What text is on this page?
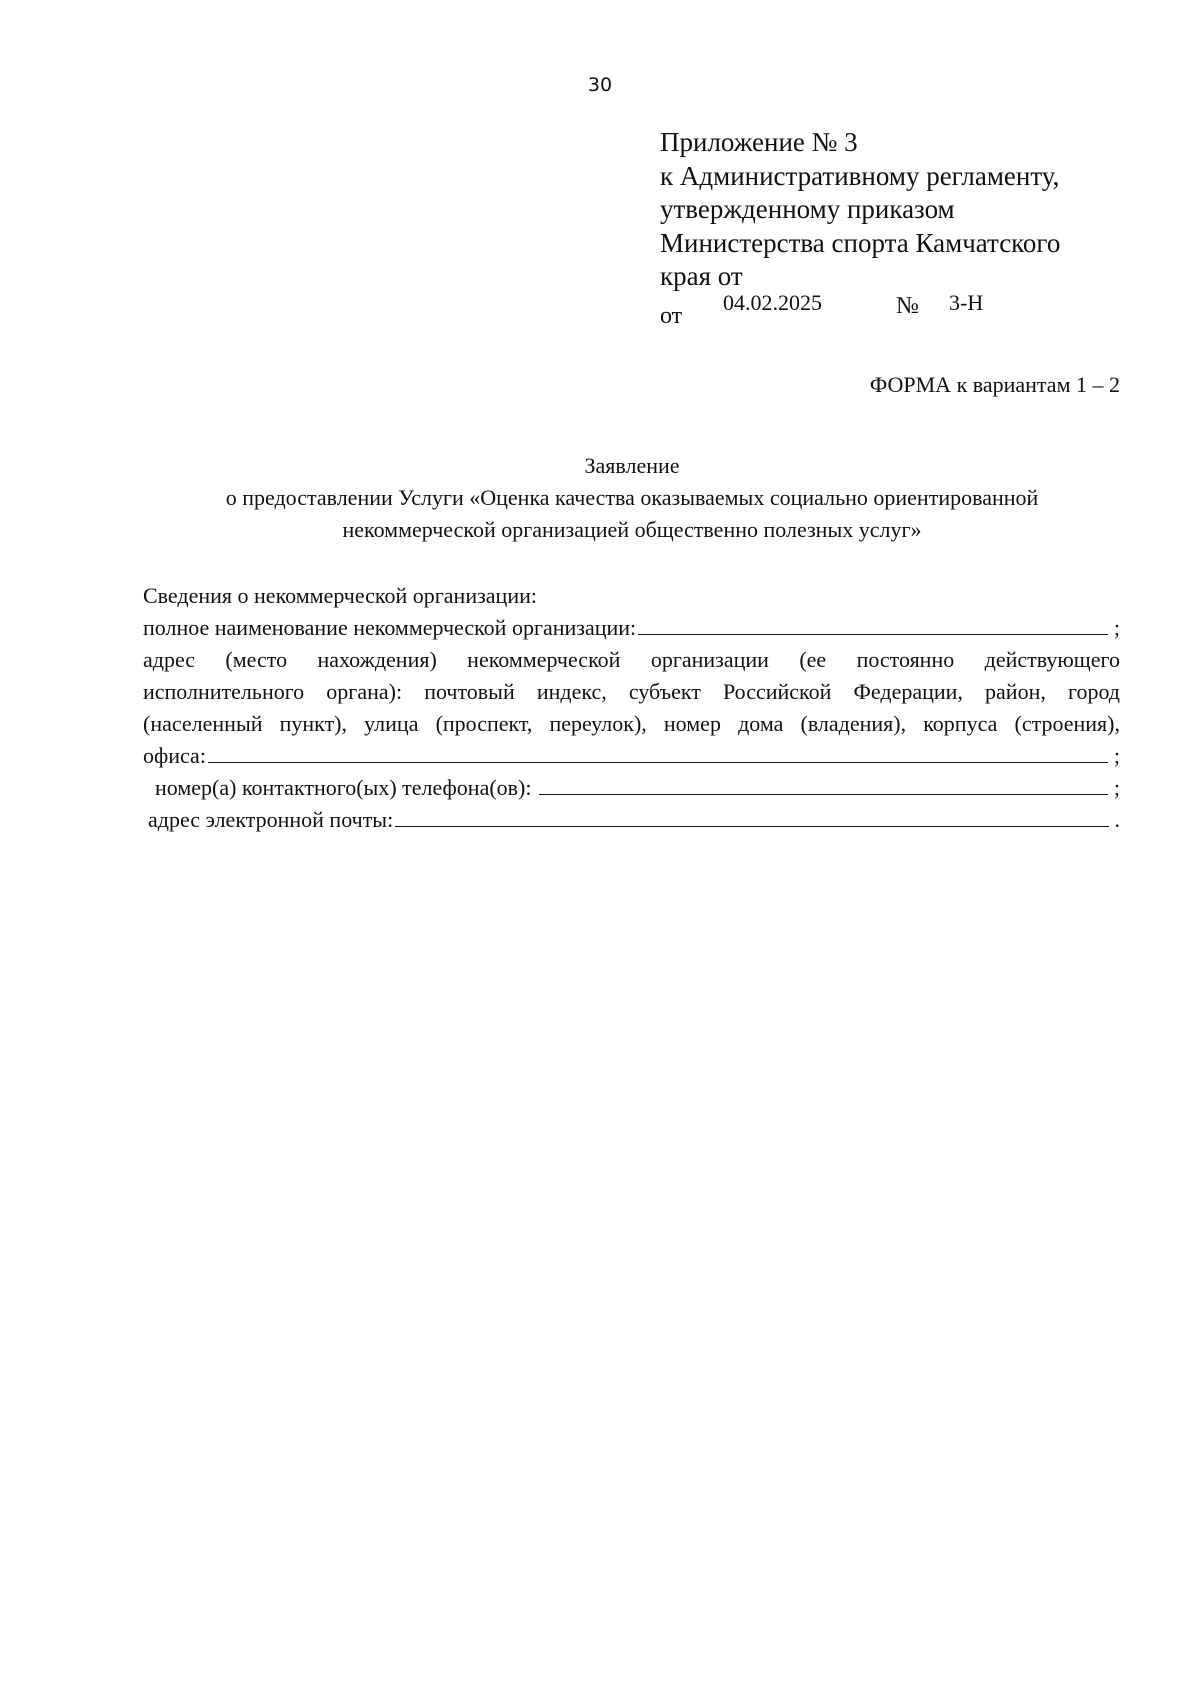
30
Приложение № 3
к Административному регламенту,
утвержденному приказом
Министерства спорта Камчатского
края от
от
04.02.2025	№ 3-Н
ФОРМА к вариантам 1 – 2
Заявление
о предоставлении Услуги «Оценка качества оказываемых социально ориентированной
некоммерческой организацией общественно полезных услуг»
Сведения о некоммерческой организации:
полное наименование некоммерческой организации:	;
адрес (место нахождения) некоммерческой организации (ее постоянно действующего
исполнительного органа): почтовый индекс, субъект Российской Федерации, район, город
(населенный пункт), улица (проспект, переулок), номер дома (владения), корпуса (строения),
офиса:	;
номер(а) контактного(ых) телефона(ов):	;
адрес электронной почты:	.
